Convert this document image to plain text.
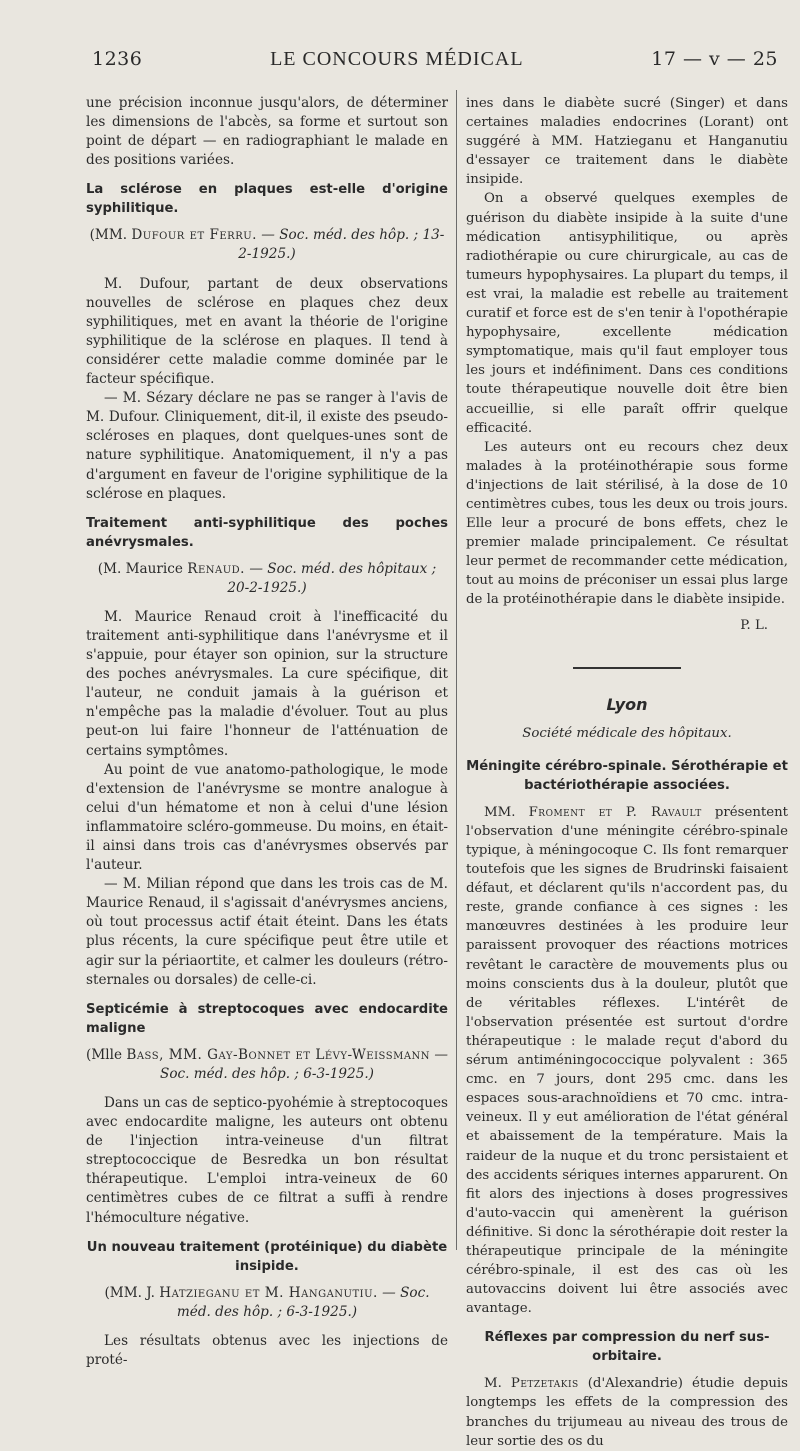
1236	LE CONCOURS MÉDICAL	17 — v — 25

une précision inconnue jusqu'alors, de déterminer les dimensions de l'abcès, sa forme et surtout son point de départ — en radiographiant le malade en des positions variées.

La sclérose en plaques est-elle d'origine syphilitique.

(MM. Dufour et Ferru. — Soc. méd. des hôp. ; 13-2-1925.)

M. Dufour, partant de deux observations nouvelles de sclérose en plaques chez deux syphilitiques, met en avant la théorie de l'origine syphilitique de la sclérose en plaques. Il tend à considérer cette maladie comme dominée par le facteur spécifique.

— M. Sézary déclare ne pas se ranger à l'avis de M. Dufour. Cliniquement, dit-il, il existe des pseudo-scléroses en plaques, dont quelques-unes sont de nature syphilitique. Anatomiquement, il n'y a pas d'argument en faveur de l'origine syphilitique de la sclérose en plaques.

Traitement anti-syphilitique des poches anévrysmales.

(M. Maurice Renaud. — Soc. méd. des hôpitaux ; 20-2-1925.)

M. Maurice Renaud croit à l'inefficacité du traitement anti-syphilitique dans l'anévrysme et il s'appuie, pour étayer son opinion, sur la structure des poches anévrysmales. La cure spécifique, dit l'auteur, ne conduit jamais à la guérison et n'empêche pas la maladie d'évoluer. Tout au plus peut-on lui faire l'honneur de l'atténuation de certains symptômes.

Au point de vue anatomo-pathologique, le mode d'extension de l'anévrysme se montre analogue à celui d'un hématome et non à celui d'une lésion inflammatoire scléro-gommeuse. Du moins, en était-il ainsi dans trois cas d'anévrysmes observés par l'auteur.

— M. Milian répond que dans les trois cas de M. Maurice Renaud, il s'agissait d'anévrysmes anciens, où tout processus actif était éteint. Dans les états plus récents, la cure spécifique peut être utile et agir sur la périaortite, et calmer les douleurs (rétro-sternales ou dorsales) de celle-ci.

Septicémie à streptocoques avec endocardite maligne

(Mlle Bass, MM. Gay-Bonnet et Lévy-Weissmann — Soc. méd. des hôp. ; 6-3-1925.)

Dans un cas de septico-pyohémie à streptocoques avec endocardite maligne, les auteurs ont obtenu de l'injection intra-veineuse d'un filtrat streptococcique de Besredka un bon résultat thérapeutique. L'emploi intra-veineux de 60 centimètres cubes de ce filtrat a suffi à rendre l'hémoculture négative.

Un nouveau traitement (protéinique) du diabète insipide.

(MM. J. Hatzieganu et M. Hanganutiu. — Soc. méd. des hôp. ; 6-3-1925.)

Les résultats obtenus avec les injections de proté-

ines dans le diabète sucré (Singer) et dans certaines maladies endocrines (Lorant) ont suggéré à MM. Hatzieganu et Hanganutiu d'essayer ce traitement dans le diabète insipide.

On a observé quelques exemples de guérison du diabète insipide à la suite d'une médication antisyphilitique, ou après radiothérapie ou cure chirurgicale, au cas de tumeurs hypophysaires. La plupart du temps, il est vrai, la maladie est rebelle au traitement curatif et force est de s'en tenir à l'opothérapie hypophysaire, excellente médication symptomatique, mais qu'il faut employer tous les jours et indéfiniment. Dans ces conditions toute thérapeutique nouvelle doit être bien accueillie, si elle paraît offrir quelque efficacité.

Les auteurs ont eu recours chez deux malades à la protéinothérapie sous forme d'injections de lait stérilisé, à la dose de 10 centimètres cubes, tous les deux ou trois jours. Elle leur a procuré de bons effets, chez le premier malade principalement. Ce résultat leur permet de recommander cette médication, tout au moins de préconiser un essai plus large de la protéinothérapie dans le diabète insipide.

P. L.

Lyon
Société médicale des hôpitaux.
Méningite cérébro-spinale. Sérothérapie et bactériothérapie associées.

MM. Froment et P. Ravault présentent l'observation d'une méningite cérébro-spinale typique, à méningocoque C. Ils font remarquer toutefois que les signes de Brudrinski faisaient défaut, et déclarent qu'ils n'accordent pas, du reste, grande confiance à ces signes : les manœuvres destinées à les produire leur paraissent provoquer des réactions motrices revêtant le caractère de mouvements plus ou moins conscients dus à la douleur, plutôt que de véritables réflexes. L'intérêt de l'observation présentée est surtout d'ordre thérapeutique : le malade reçut d'abord du sérum antiméningococcique polyvalent : 365 cmc. en 7 jours, dont 295 cmc. dans les espaces sous-arachnoïdiens et 70 cmc. intra-veineux. Il y eut amélioration de l'état général et abaissement de la température. Mais la raideur de la nuque et du tronc persistaient et des accidents sériques internes apparurent. On fit alors des injections à doses progressives d'auto-vaccin qui amenèrent la guérison définitive. Si donc la sérothérapie doit rester la thérapeutique principale de la méningite cérébro-spinale, il est des cas où les autovaccins doivent lui être associés avec avantage.

Réflexes par compression du nerf sus-orbitaire.

M. Petzetakis (d'Alexandrie) étudie depuis longtemps les effets de la compression des branches du trijumeau au niveau des trous de leur sortie des os du
